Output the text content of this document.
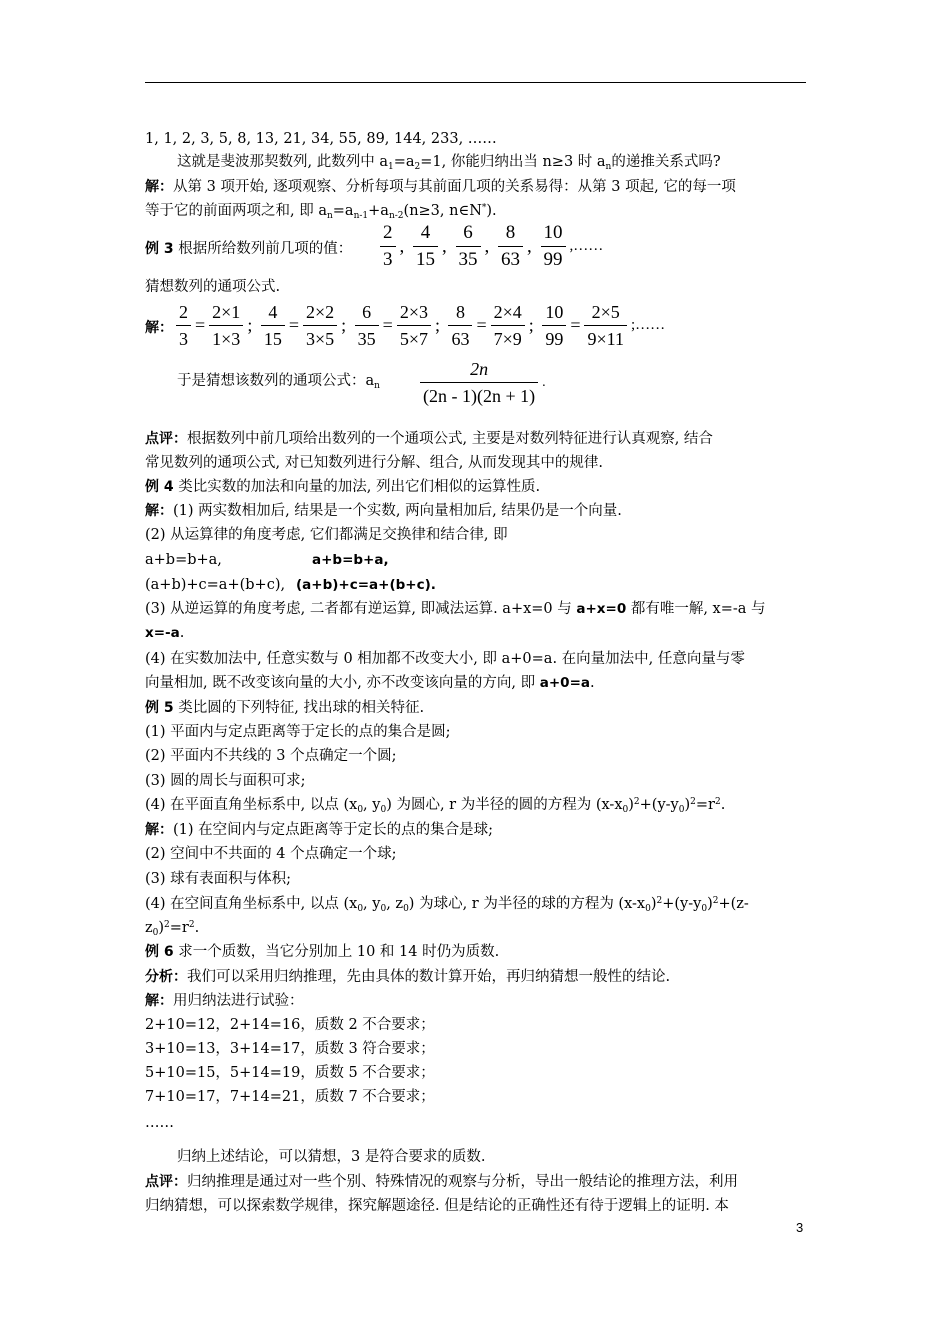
1, 1, 2, 3, 5, 8, 13, 21, 34, 55, 89, 144, 233, ……
这就是斐波那契数列, 此数列中 $a_1=a_2=1$, 你能归纳出当 n≥3 时 $a_n$的递推关系式吗?
解：从第 3 项开始, 逐项观察、分析每项与其前面几项的关系易得：从第 3 项起, 它的每一项
等于它的前面两项之和, 即 $a_n=a_{n-1}+a_{n-2}(n\ge 3$, n∈N*).
例 3 根据所给数列前几项的值： $\frac{2}{3}$ , $\frac{4}{15}$ , $\frac{6}{35}$ , $\frac{8}{63}$ , $\frac{10}{99}$ ,……
猜想数列的通项公式.
解： $\frac{2}{3} = \frac{2\times 1}{1\times 3}$ ; $\frac{4}{15} = \frac{2\times 2}{3\times 5}$ ; $\frac{6}{35} = \frac{2\times 3}{5\times 7}$ ; $\frac{8}{63} = \frac{2\times 4}{7\times 9}$ ; $\frac{10}{99} = \frac{2\times 5}{9\times 11}$ ;……
于是猜想该数列的通项公式：$a_n \frac{2n}{(2n - 1)(2n + 1)}$ .
点评：根据数列中前几项给出数列的一个通项公式, 主要是对数列特征进行认真观察, 结合
常见数列的通项公式, 对已知数列进行分解、组合, 从而发现其中的规律.
例 4 类比实数的加法和向量的加法, 列出它们相似的运算性质.
解：(1) 两实数相加后, 结果是一个实数, 两向量相加后, 结果仍是一个向量.
(2) 从运算律的角度考虑, 它们都满足交换律和结合律, 即
a+b=b+a,	a+b=b+a,
(a+b)+c=a+(b+c), (a+b)+c=a+(b+c).
(3) 从逆运算的角度考虑, 二者都有逆运算, 即减法运算. a+x=0 与 a+x=0 都有唯一解, x=-a 与
x=-a.
(4) 在实数加法中, 任意实数与 0 相加都不改变大小, 即 a+0=a. 在向量加法中, 任意向量与零
向量相加, 既不改变该向量的大小, 亦不改变该向量的方向, 即 a+0=a.
例 5 类比圆的下列特征, 找出球的相关特征.
(1) 平面内与定点距离等于定长的点的集合是圆;
(2) 平面内不共线的 3 个点确定一个圆;
(3) 圆的周长与面积可求;
(4) 在平面直角坐标系中, 以点 ($x_0$, $y_0$) 为圆心, r 为半径的圆的方程为 $(x-x_0)^2+(y-y_0)^2=r^2$.
解：(1) 在空间内与定点距离等于定长的点的集合是球;
(2) 空间中不共面的 4 个点确定一个球;
(3) 球有表面积与体积;
(4) 在空间直角坐标系中, 以点 ($x_0$, $y_0$, $z_0$) 为球心, r 为半径的球的方程为 $(x-x_0)^2+(y-y_0)^2+(z-$
$z_0)^2=r^2$.
例 6 求一个质数，当它分别加上 10 和 14 时仍为质数.
分析：我们可以采用归纳推理，先由具体的数计算开始，再归纳猜想一般性的结论.
解：用归纳法进行试验：
2+10=12，2+14=16，质数 2 不合要求；
3+10=13，3+14=17，质数 3 符合要求；
5+10=15，5+14=19，质数 5 不合要求；
7+10=17，7+14=21，质数 7 不合要求；
……
归纳上述结论，可以猜想，3 是符合要求的质数.
点评：归纳推理是通过对一些个别、特殊情况的观察与分析，导出一般结论的推理方法，利用
归纳猜想，可以探索数学规律，探究解题途径. 但是结论的正确性还有待于逻辑上的证明. 本
3
